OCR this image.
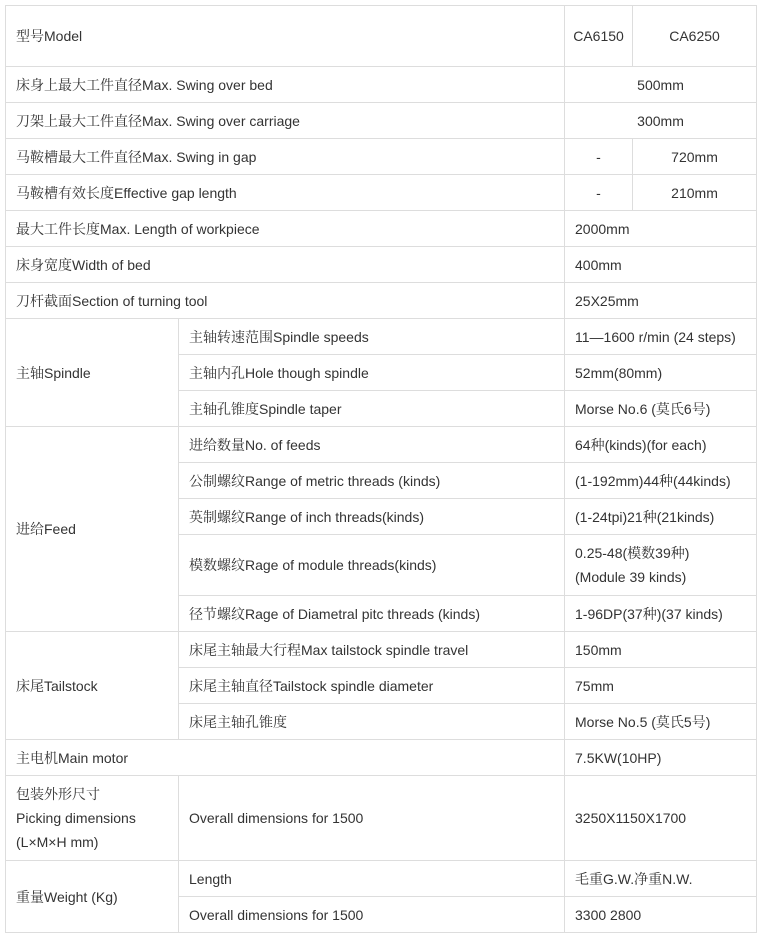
型号Model		CA6150	CA6250
床身上最大工件直径Max. Swing over bed		500mm	
刀架上最大工件直径Max. Swing over carriage		300mm	
马鞍槽最大工件直径Max. Swing in gap		-	720mm
马鞍槽有效长度Effective gap length		-	210mm
最大工件长度Max. Length of workpiece		2000mm	
床身宽度Width of bed		400mm	
刀杆截面Section of turning tool		25X25mm	
主轴Spindle	主轴转速范围Spindle speeds	11—1600 r/min (24 steps)	
	主轴内孔Hole though spindle	52mm(80mm)	
	主轴孔锥度Spindle taper	Morse No.6 (莫氏6号)	
进给Feed	进给数量No. of feeds	64种(kinds)(for each)	
	公制螺纹Range of metric threads (kinds)	(1-192mm)44种(44kinds)	
	英制螺纹Range of inch threads(kinds)	(1-24tpi)21种(21kinds)	
	模数螺纹Rage of module threads(kinds)	0.25-48(模数39种)
(Module 39 kinds)	

	径节螺纹Rage of Diametral pitc threads (kinds)	1-96DP(37种)(37 kinds)	
床尾Tailstock	床尾主轴最大行程Max tailstock spindle travel	150mm	
	床尾主轴直径Tailstock spindle diameter	75mm	
	床尾主轴孔锥度	Morse No.5 (莫氏5号)	
主电机Main motor		7.5KW(10HP)	

包装外形尺寸
Picking dimensions
(L×M×H mm)	Overall dimensions for 1500	3250X1150X1700	
重量Weight (Kg)	Length	毛重G.W.净重N.W.	
	Overall dimensions for 1500	3300 2800	
